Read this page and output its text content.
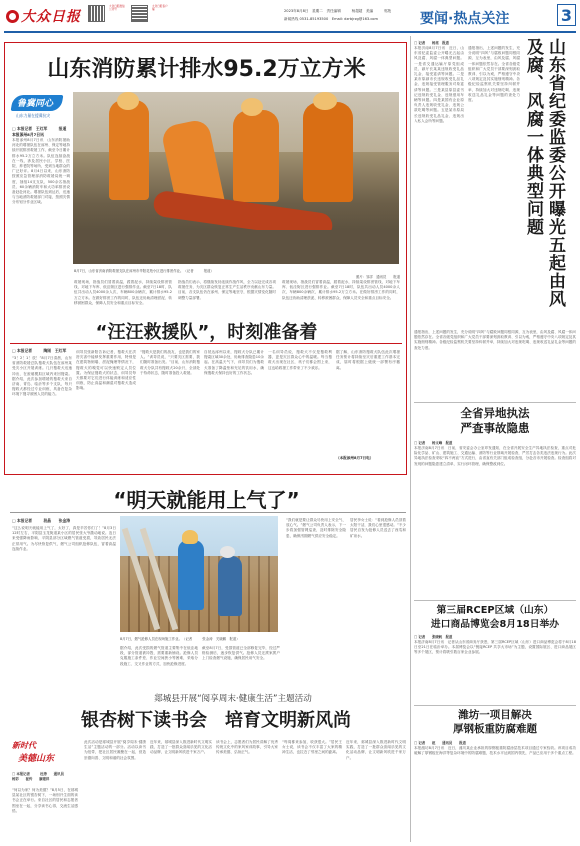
大众日报
大众日报微信公众号
大众日报客户端	2023年8月8日　星期二　责任编辑　　　杨超超　美编　　　郭苑
新闻热线 0531-85193500　Email: dzrbjrzg@163.com	要闻·热点关注	3
山东消防累计排水95.2万立方米
鲁冀同心
山东力量在援冀抗灾
□ 本报记者　王红军　　　报道
本报涿州8月7日讯
本报涿州8月7日讯　山东消防援助河北的增援队伍在涿州、保定等地持续开展排涝救援工作，截至今日累计排水95.2万立方米。队伍连续奋战在一线，涉及居民小区、学校、医院、养老院等场所，受到当地群众的广泛好评。8月4日以来，山东消防按照应急管理部消防救援局统一调度，抽组14支支队、500余名指战员、60余辆消防车和大功率排涝设备赶赴河北。增援队伍到达后，迅速与当地消防救援部门对接，按照灾情分布划分作业区域。
8月7日，山东省济南消防救援支队在涿州市华阳花苑小区进行排涝作业。（记者　　　报道）
照片：邹洋　通讯员　　报道
救援现场，指战员们冒着高温，蹚着泥水，持续架设排涝管线，对地下车库、低洼街区进行强排作业。截至7日18时，队伍共出动人员4000余人次，车辆800余辆次，累计排水95.2万立方米。在做好排涝工作的同时，队伍还协助清理淤泥、转移被困群众，保障人员安全和重点目标安全。
指战员们表示，将继续发扬连续作战作风，全力以赴完成各项救援任务，为灾区群众恢复正常生产生活秩序贡献山东力量。目前，各支队伍仍在涿州、保定等地坚守，根据灾情变化随时调整力量部署。
救援现场，指战员们冒着高温，蹚着泥水，持续架设排涝管线，对地下车库、低洼街区进行强排作业。截至7日18时，队伍共出动人员4000余人次，车辆800余辆次，累计排水95.2万立方米。在做好排涝工作的同时，队伍还协助清理淤泥、转移被困群众，保障人员安全和重点目标安全。
“汪汪救援队”，时刻准备着
□ 本报记者　　　陶刚　王红军
“3！2！1！放！”8月7日清晨，山东省消防救援总队搜救犬队伍在涿州某受灾小区开展训练。几只搜救犬迅速冲出，在废墟模拟区域内来回搜索。据介绍，此次参加增援的搜救犬来自济南、青岛、临沂等多个支队，每只搜救犬都经过专业训练，具备在复杂环境下搜寻被困人员的能力。
训导员张新阳告诉记者，搜救犬在洪涝灾害中能够发挥重要作用，特别是在建筑物倒塌、淤泥掩埋等情况下，搜救犬的嗅觉可以快速锁定人员位置。为保证搜救犬的状态，训导员每天都要对它们进行体能训练和适应性训练，防止高温和潮湿对搜救犬造成影响。
“搜救犬是我们的战友，也是我们的家人。”训导员说，“只要灾区需要，我们随时准备出发。”目前，山东消防搜救犬分队共有搜救犬20余只，全部处于待命状态，随时准备投入救援。
自抵达涿州以来，搜救犬分队已累计搜索区域30余处，协助排查隐患10余起。在高温天气下，训导员们为搜救犬准备了降温垫和充足的饮用水，确保搜救犬保持良好的工作状态。
一名训导员说，搜救犬不仅是搜救利器，更是灾区群众心中的温暖。每当搜救犬出现在社区，孩子们都会围上来，这也给救援工作带来了不少欢乐。
据了解，山东消防搜救犬队伍此次增援任务预计将持续至灾后重建工作基本完成，届时将根据上级统一部署有序撤离。
（本报涿州8月7日电）
“明天就能用上气了”
□ 本报记者　　　段晶　　张金涛
“这么说明天就能用上气了，太好了，真是辛苦你们了！”8月3日12时左右，平阴县玉龙街道某小区的居民张大爷激动地说。连日来受强降雨影响，平阴县部分区域燃气管道受损，导致居民无法正常用气。为尽快恢复供气，燃气公司组织抢修队伍，冒着高温连续作业。
8月7日，燃气抢修人员在现场施工作业。（记者　　　张金涛　关晓鹏　报道）
据介绍，此次受损的燃气管道主要集中在低洼地段，部分管道被冲毁，需要重新铺设。抢修人员克服施工条件差、作业空间狭小等困难，采取分段施工、交叉作业的方式，加快抢修进度。
截至8月7日，受损管道已全部修复完毕，经过严格检测后，逐步恢复供气。抢修人员还挨家挨户上门检查燃气设施，确保居民用气安全。
“我们就是要让群众尽快用上安全气、放心气。”燃气公司负责人表示，下一步将加强管网巡查，及时排除安全隐患，确保汛期燃气供应安全稳定。
居民李女士说：“看到抢修人员顶着太阳干活，我们心里很感动。”不少居民自发为抢修人员送去了西瓜和矿泉水。
郯城县开展“阅享周末·健康生活”主题活动
银杏树下读书会　培育文明新风尚
新时代
美德山东
□ 本报记者　　　杜涛　　通讯员　　　　杨彩　　崔传　　廖建祥
“何以为家？何为美德？”8月5日，在郯城县某社区的银杏树下，一场别开生面的读书会正在举行。来自社区的居民和志愿者围坐在一起，分享读书心得，交流生活感悟。
此次活动是郯城县开展“阅享周末·健康生活”主题活动的一部分。活动以读书为纽带，把社区居民凝聚在一起，营造崇德向善、文明和谐的社会氛围。
近年来，郯城县深入推进新时代文明实践，打造了一批群众喜闻乐见的文化活动品牌，让文明新风吹进千家万户。
读书会上，志愿者们为居民讲解了优秀传统文化中的家风家训故事，引导大家传承美德、弘扬正气。
“每周都来参加，收获很大。”居民王女士说，读书会不仅丰富了大家的精神生活，也拉近了邻里之间的距离。
近年来，郯城县深入推进新时代文明实践，打造了一批群众喜闻乐见的文化活动品牌，让文明新风吹进千家万户。
山东省纪委监委公开曝光五起由风及腐、风腐一体典型问题
□ 记者　　杨亮　报道
本报济南8月7日讯　近日，山东省纪委监委公开曝光五起由风及腐、风腐一体典型问题。一是省交通运输厅原党组成员、副厅长某某违规收受礼品礼金、接受宴请等问题。二是某市原副市长违规收受礼品礼金、违规接受管理服务对象宴请等问题。三是某县原县委书记违规收受礼金、违规借用车辆等问题。四是某国有企业原负责人违规收受礼金、违规公款吃喝等问题。五是某市原局长违规收受礼品礼金、违规出入私人会所等问题。
通报指出，上述问题的发生，充分说明“四风”与腐败问题同根同源、互为表里，由风及腐、风腐一体问题依然存在。全省各级党组织和广大党员干部要深刻汲取教训、引以为戒，严格遵守中央八项规定及其实施细则精神。各级纪检监察机关要坚持纠树并举，持续加大对违规吃喝、违规收送礼品礼金等问题的查处力度。
通报指出，上述问题的发生，充分说明“四风”与腐败问题同根同源、互为表里，由风及腐、风腐一体问题依然存在。全省各级党组织和广大党员干部要深刻汲取教训、引以为戒，严格遵守中央八项规定及其实施细则精神。各级纪检监察机关要坚持纠树并举，持续加大对违规吃喝、违规收送礼品礼金等问题的查处力度。
全省异地执法
严查事故隐患
□ 记者　　杨文峰　报道
本报济南8月7日讯　日前，省安委会办公室印发通知，在全省开展安全生产异地执法检查，重点对危险化学品、矿山、建筑施工、交通运输、消防等行业领域开展检查，严厉打击各类违法违规行为。此次异地执法检查采取“四不两直”方式进行，由省直有关部门组成检查组，分赴各市开展检查。检查组将对发现的问题隐患建立清单，实行闭环管理，确保整改到位。
第三届RCEP区域（山东）
进口商品博览会8月18日举办
□ 记者　　张晓帆　报道
本报济南8月7日讯　记者从山东省商务厅获悉，第三届RCEP区域（山东）进口商品博览会将于8月18日至21日在临沂举办。本届博览会以“链接RCEP 共享大市场”为主题，设置国际展区、进口商品展区等多个展区，预计将吸引数百家企业参展。
潍坊一项目解决
厚钢板重防腐难题
□ 记者　　赵　　通讯员　　报道
本报潍坊8月7日讯　近日，潍坊某企业承担的厚钢板重防腐涂层技术项目通过专家验收。该项目成功破解了厚钢板在海洋等复杂环境中的防腐难题，技术水平达到国内领先，产品已应用于多个重点工程。
